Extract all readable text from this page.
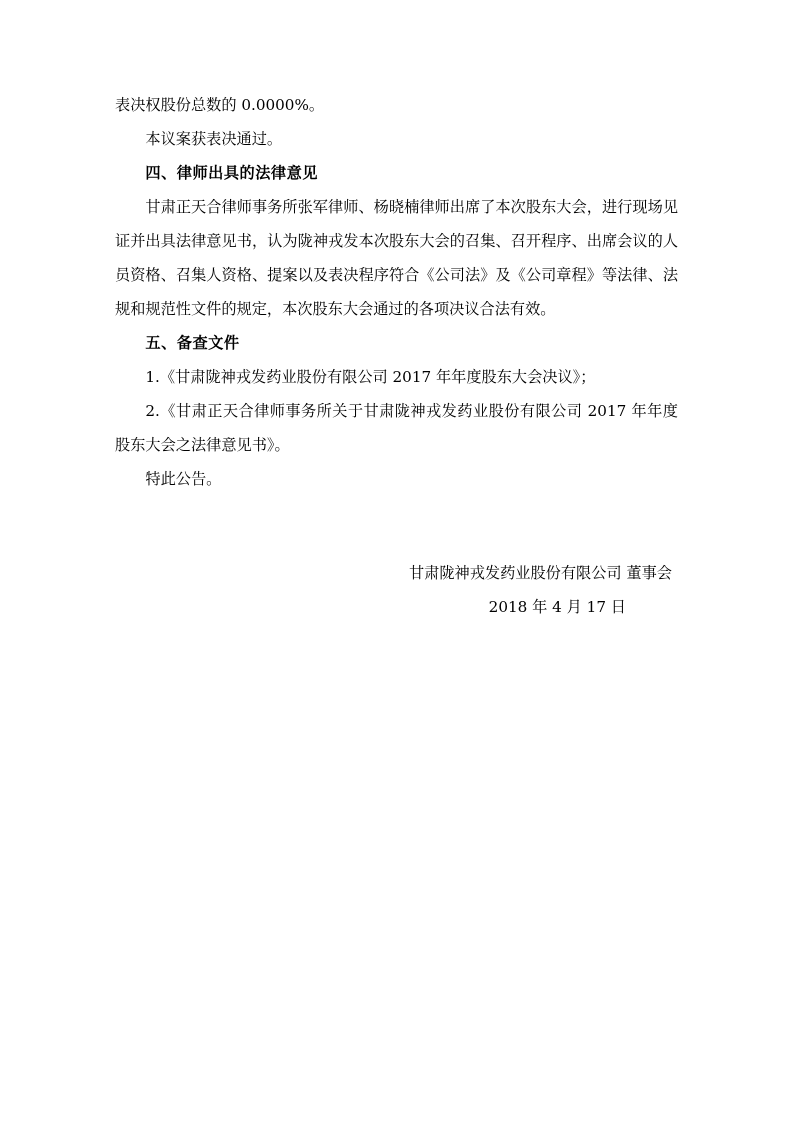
表决权股份总数的 0.0000%。

本议案获表决通过。

四、律师出具的法律意见

甘肃正天合律师事务所张军律师、杨晓楠律师出席了本次股东大会，进行现场见证并出具法律意见书，认为陇神戎发本次股东大会的召集、召开程序、出席会议的人员资格、召集人资格、提案以及表决程序符合《公司法》及《公司章程》等法律、法规和规范性文件的规定，本次股东大会通过的各项决议合法有效。

五、备查文件

1.《甘肃陇神戎发药业股份有限公司 2017 年年度股东大会决议》；

2.《甘肃正天合律师事务所关于甘肃陇神戎发药业股份有限公司 2017 年年度股东大会之法律意见书》。

特此公告。

甘肃陇神戎发药业股份有限公司 董事会
2018 年 4 月 17 日
